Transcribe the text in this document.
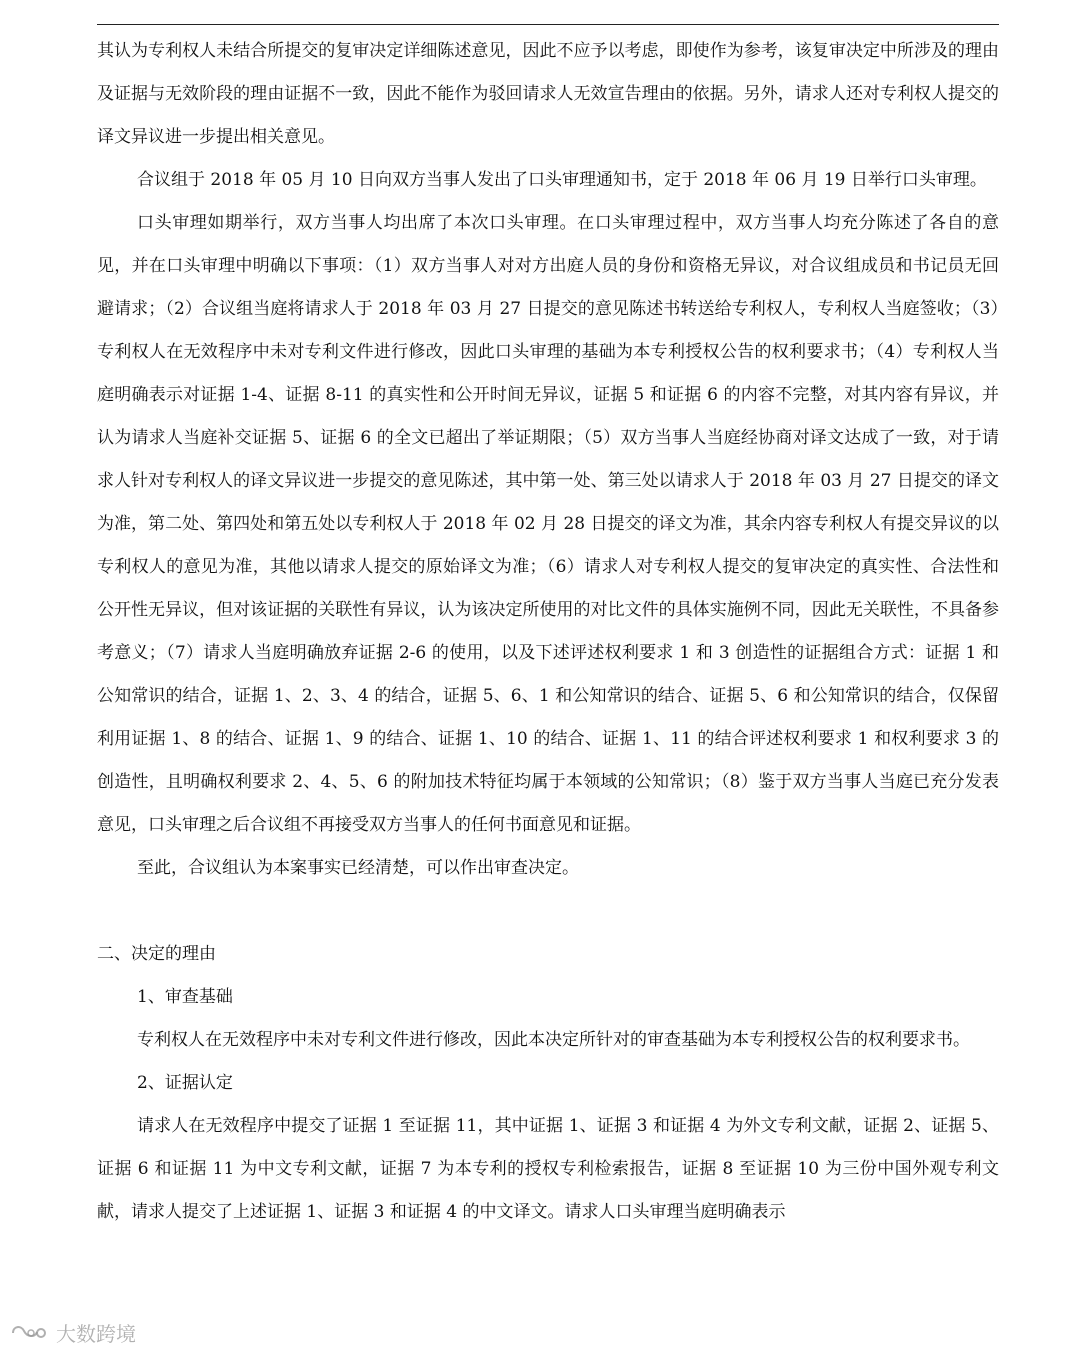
其认为专利权人未结合所提交的复审决定详细陈述意见，因此不应予以考虑，即使作为参考，该复审决定中所涉及的理由及证据与无效阶段的理由证据不一致，因此不能作为驳回请求人无效宣告理由的依据。另外，请求人还对专利权人提交的译文异议进一步提出相关意见。

合议组于 2018 年 05 月 10 日向双方当事人发出了口头审理通知书，定于 2018 年 06 月 19 日举行口头审理。

口头审理如期举行，双方当事人均出席了本次口头审理。在口头审理过程中，双方当事人均充分陈述了各自的意见，并在口头审理中明确以下事项：（1）双方当事人对对方出庭人员的身份和资格无异议，对合议组成员和书记员无回避请求；（2）合议组当庭将请求人于 2018 年 03 月 27 日提交的意见陈述书转送给专利权人，专利权人当庭签收；（3）专利权人在无效程序中未对专利文件进行修改，因此口头审理的基础为本专利授权公告的权利要求书；（4）专利权人当庭明确表示对证据 1-4、证据 8-11 的真实性和公开时间无异议，证据 5 和证据 6 的内容不完整，对其内容有异议，并认为请求人当庭补交证据 5、证据 6 的全文已超出了举证期限；（5）双方当事人当庭经协商对译文达成了一致，对于请求人针对专利权人的译文异议进一步提交的意见陈述，其中第一处、第三处以请求人于 2018 年 03 月 27 日提交的译文为准，第二处、第四处和第五处以专利权人于 2018 年 02 月 28 日提交的译文为准，其余内容专利权人有提交异议的以专利权人的意见为准，其他以请求人提交的原始译文为准；（6）请求人对专利权人提交的复审决定的真实性、合法性和公开性无异议，但对该证据的关联性有异议，认为该决定所使用的对比文件的具体实施例不同，因此无关联性，不具备参考意义；（7）请求人当庭明确放弃证据 2-6 的使用，以及下述评述权利要求 1 和 3 创造性的证据组合方式：证据 1 和公知常识的结合，证据 1、2、3、4 的结合，证据 5、6、1 和公知常识的结合、证据 5、6 和公知常识的结合，仅保留利用证据 1、8 的结合、证据 1、9 的结合、证据 1、10 的结合、证据 1、11 的结合评述权利要求 1 和权利要求 3 的创造性，且明确权利要求 2、4、5、6 的附加技术特征均属于本领域的公知常识；（8）鉴于双方当事人当庭已充分发表意见，口头审理之后合议组不再接受双方当事人的任何书面意见和证据。

至此，合议组认为本案事实已经清楚，可以作出审查决定。

二、决定的理由

1、审查基础

专利权人在无效程序中未对专利文件进行修改，因此本决定所针对的审查基础为本专利授权公告的权利要求书。

2、证据认定

请求人在无效程序中提交了证据 1 至证据 11，其中证据 1、证据 3 和证据 4 为外文专利文献，证据 2、证据 5、证据 6 和证据 11 为中文专利文献，证据 7 为本专利的授权专利检索报告，证据 8 至证据 10 为三份中国外观专利文献，请求人提交了上述证据 1、证据 3 和证据 4 的中文译文。请求人口头审理当庭明确表示

大数跨境
